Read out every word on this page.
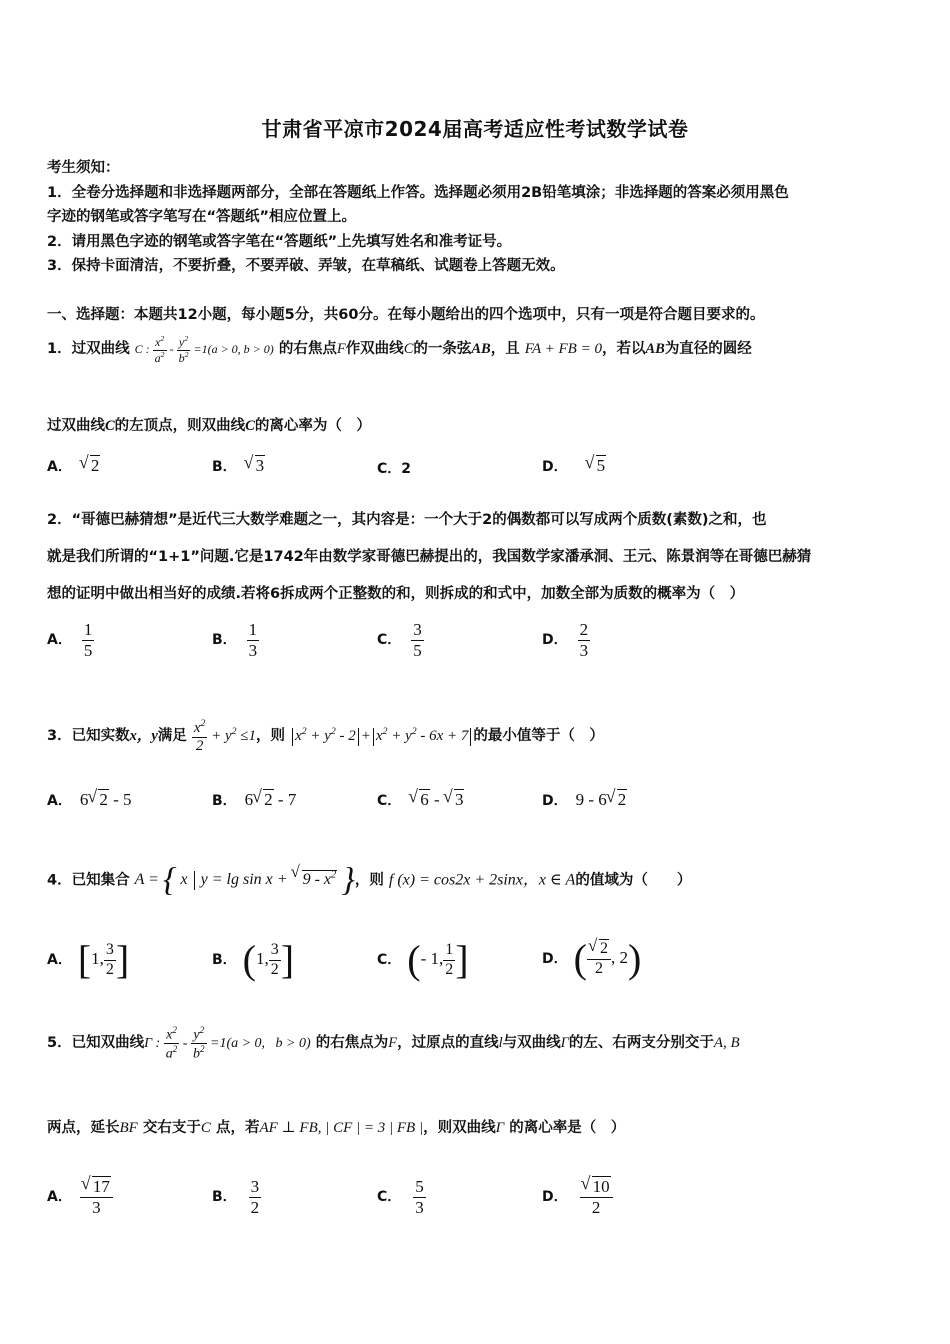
甘肃省平凉市2024届高考适应性考试数学试卷
考生须知：
1．全卷分选择题和非选择题两部分，全部在答题纸上作答。选择题必须用2B铅笔填涂；非选择题的答案必须用黑色
字迹的钢笔或答字笔写在“答题纸”相应位置上。
2．请用黑色字迹的钢笔或答字笔在“答题纸”上先填写姓名和准考证号。
3．保持卡面清洁，不要折叠，不要弄破、弄皱，在草稿纸、试题卷上答题无效。
一、选择题：本题共12小题，每小题5分，共60分。在每小题给出的四个选项中，只有一项是符合题目要求的。
1．过双曲线 C : $\frac{x^2}{a^2} - \frac{y^2}{b^2} =1(a > 0$, b > 0) 的右焦点F作双曲线C的一条弦AB，且 FA + FB = 0，若以AB为直径的圆经
过双曲线C的左顶点，则双曲线C的离心率为（　）
A． √ 2	B． √ 3	C．2	D． √ 5
2．“哥德巴赫猜想”是近代三大数学难题之一，其内容是：一个大于2的偶数都可以写成两个质数(素数)之和，也
就是我们所谓的“1+1”问题.它是1742年由数学家哥德巴赫提出的，我国数学家潘承洞、王元、陈景润等在哥德巴赫猜
想的证明中做出相当好的成绩.若将6拆成两个正整数的和，则拆成的和式中，加数全部为质数的概率为（　）
A． $\frac{1}{5}$	B． $\frac{1}{3}$	C． $\frac{3}{5}$	D． $\frac{2}{3}$
3．已知实数x，y满足 $\frac{x^2}{2} + y^2 \le 1$，则 $x^2 + y^2 - 2 + x^2 + y^2 - 6x + 7$ 的最小值等于（　）
A． 6 √ 2 - 5	B． 6 √ 2 - 7	C． √ 6 - √ 3	D． 9 - 6 √ 2
4．已知集合 A = { x  y = lg sin x + √ $9 - x^2$ }，则 f (x) = cos2x + 2sinx，x ∈ A的值域为（　　）
A． [1, $\frac{3}{2}$ ]	B． (1, $\frac{3}{2}$ ]	C． (- 1, $\frac{1}{2}$ ]	D． ( √ $\frac{2}{2}$ , 2)
5．已知双曲线Γ : $\frac{x^2}{a^2} - \frac{y^2}{b^2} =1(a > 0$,   b > 0) 的右焦点为F，过原点的直线l与双曲线Γ的左、右两支分别交于A, B
两点，延长BF 交右支于C 点，若AF ⊥ FB, | CF | = 3 | FB |，则双曲线Γ 的离心率是（　）
A． √ $\frac{17}{3}$	B． $\frac{3}{2}$	C． $\frac{5}{3}$	D． √ $\frac{10}{2}$
